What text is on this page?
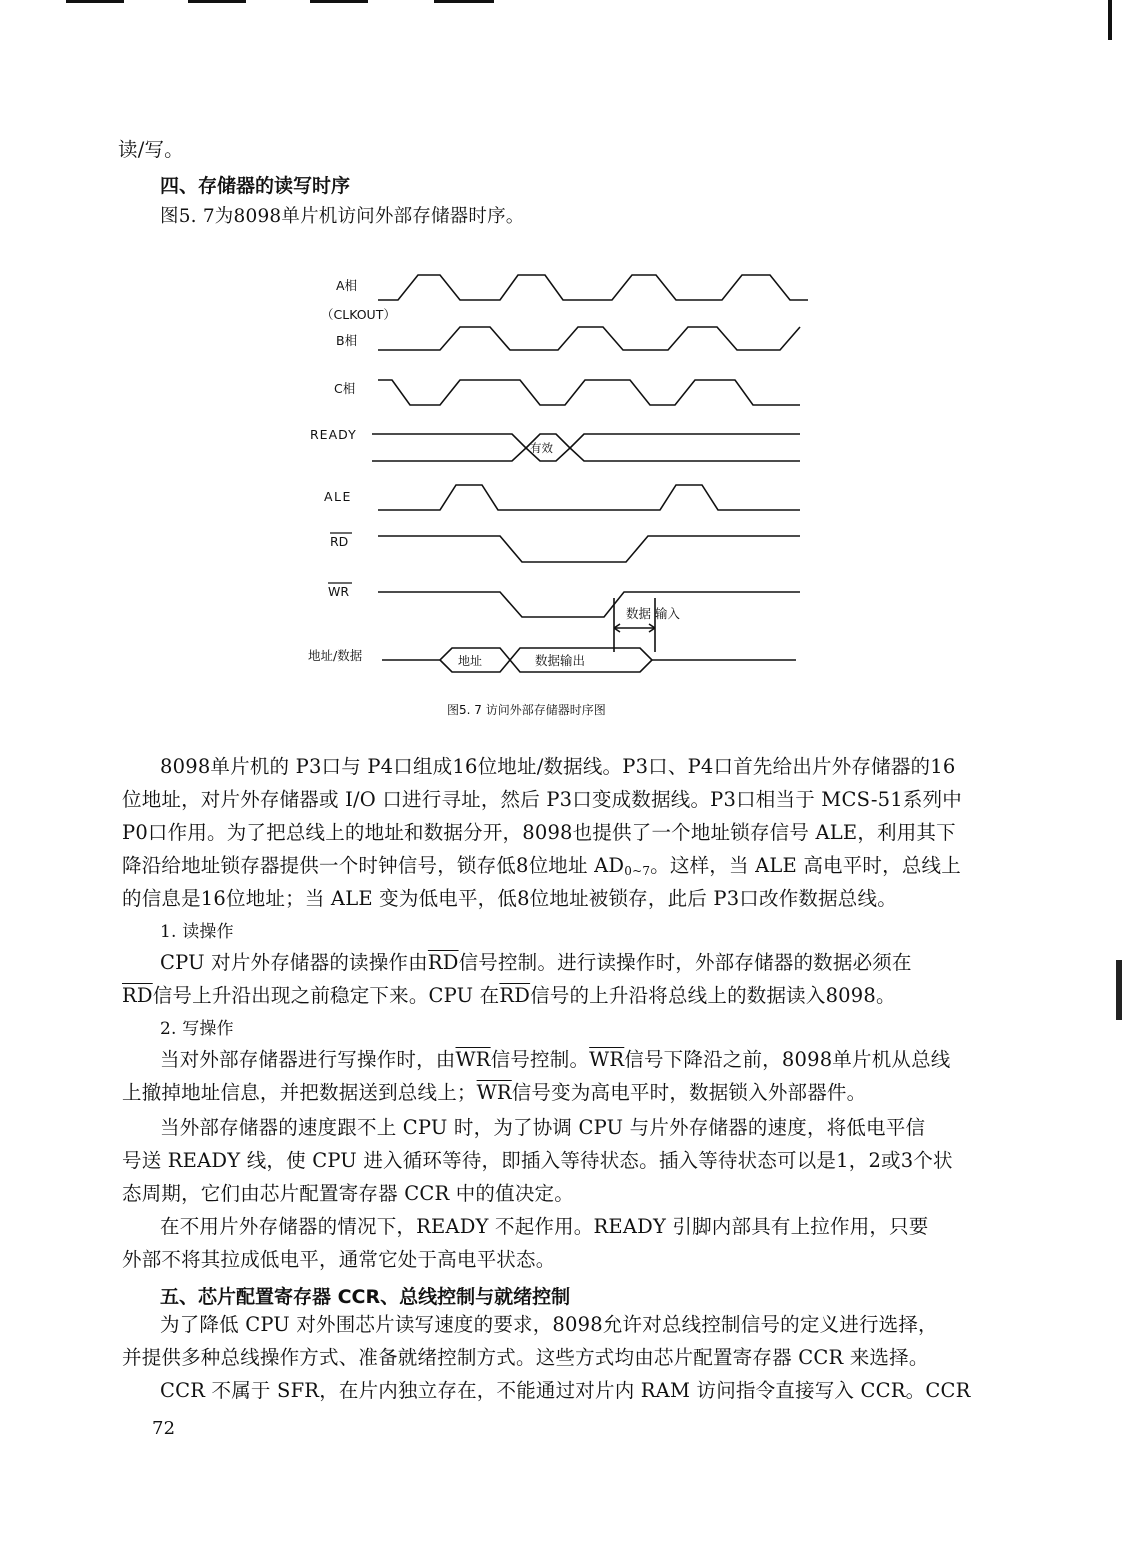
读/写。
四、存储器的读写时序
图5. 7为8098单片机访问外部存储器时序。
A相
（CLKOUT）
B相
C相
READY
ALE
RD
WR
地址/数据
有效
地址	数据输出
数据 输入
图5. 7 访问外部存储器时序图
8098单片机的 P3口与 P4口组成16位地址/数据线。P3口、P4口首先给出片外存储器的16
位地址，对片外存储器或 I/O 口进行寻址，然后 P3口变成数据线。P3口相当于 MCS-51系列中
P0口作用。为了把总线上的地址和数据分开，8098也提供了一个地址锁存信号 ALE，利用其下
降沿给地址锁存器提供一个时钟信号，锁存低8位地址 $AD_{0\sim 7}$。这样，当 ALE 高电平时，总线上
的信息是16位地址；当 ALE 变为低电平，低8位地址被锁存，此后 P3口改作数据总线。
1. 读操作
CPU 对片外存储器的读操作由$\overline{RD}$信号控制。进行读操作时，外部存储器的数据必须在
$\overline{RD}$信号上升沿出现之前稳定下来。CPU 在$\overline{RD}$信号的上升沿将总线上的数据读入8098。
2. 写操作
当对外部存储器进行写操作时，由$\overline{WR}$信号控制。$\overline{WR}$信号下降沿之前，8098单片机从总线
上撤掉地址信息，并把数据送到总线上；$\overline{WR}$信号变为高电平时，数据锁入外部器件。
当外部存储器的速度跟不上 CPU 时，为了协调 CPU 与片外存储器的速度，将低电平信
号送 READY 线，使 CPU 进入循环等待，即插入等待状态。插入等待状态可以是1，2或3个状
态周期，它们由芯片配置寄存器 CCR 中的值决定。
在不用片外存储器的情况下，READY 不起作用。READY 引脚内部具有上拉作用，只要
外部不将其拉成低电平，通常它处于高电平状态。
五、芯片配置寄存器 CCR、总线控制与就绪控制
为了降低 CPU 对外围芯片读写速度的要求，8098允许对总线控制信号的定义进行选择，
并提供多种总线操作方式、准备就绪控制方式。这些方式均由芯片配置寄存器 CCR 来选择。
CCR 不属于 SFR，在片内独立存在，不能通过对片内 RAM 访问指令直接写入 CCR。CCR
72
